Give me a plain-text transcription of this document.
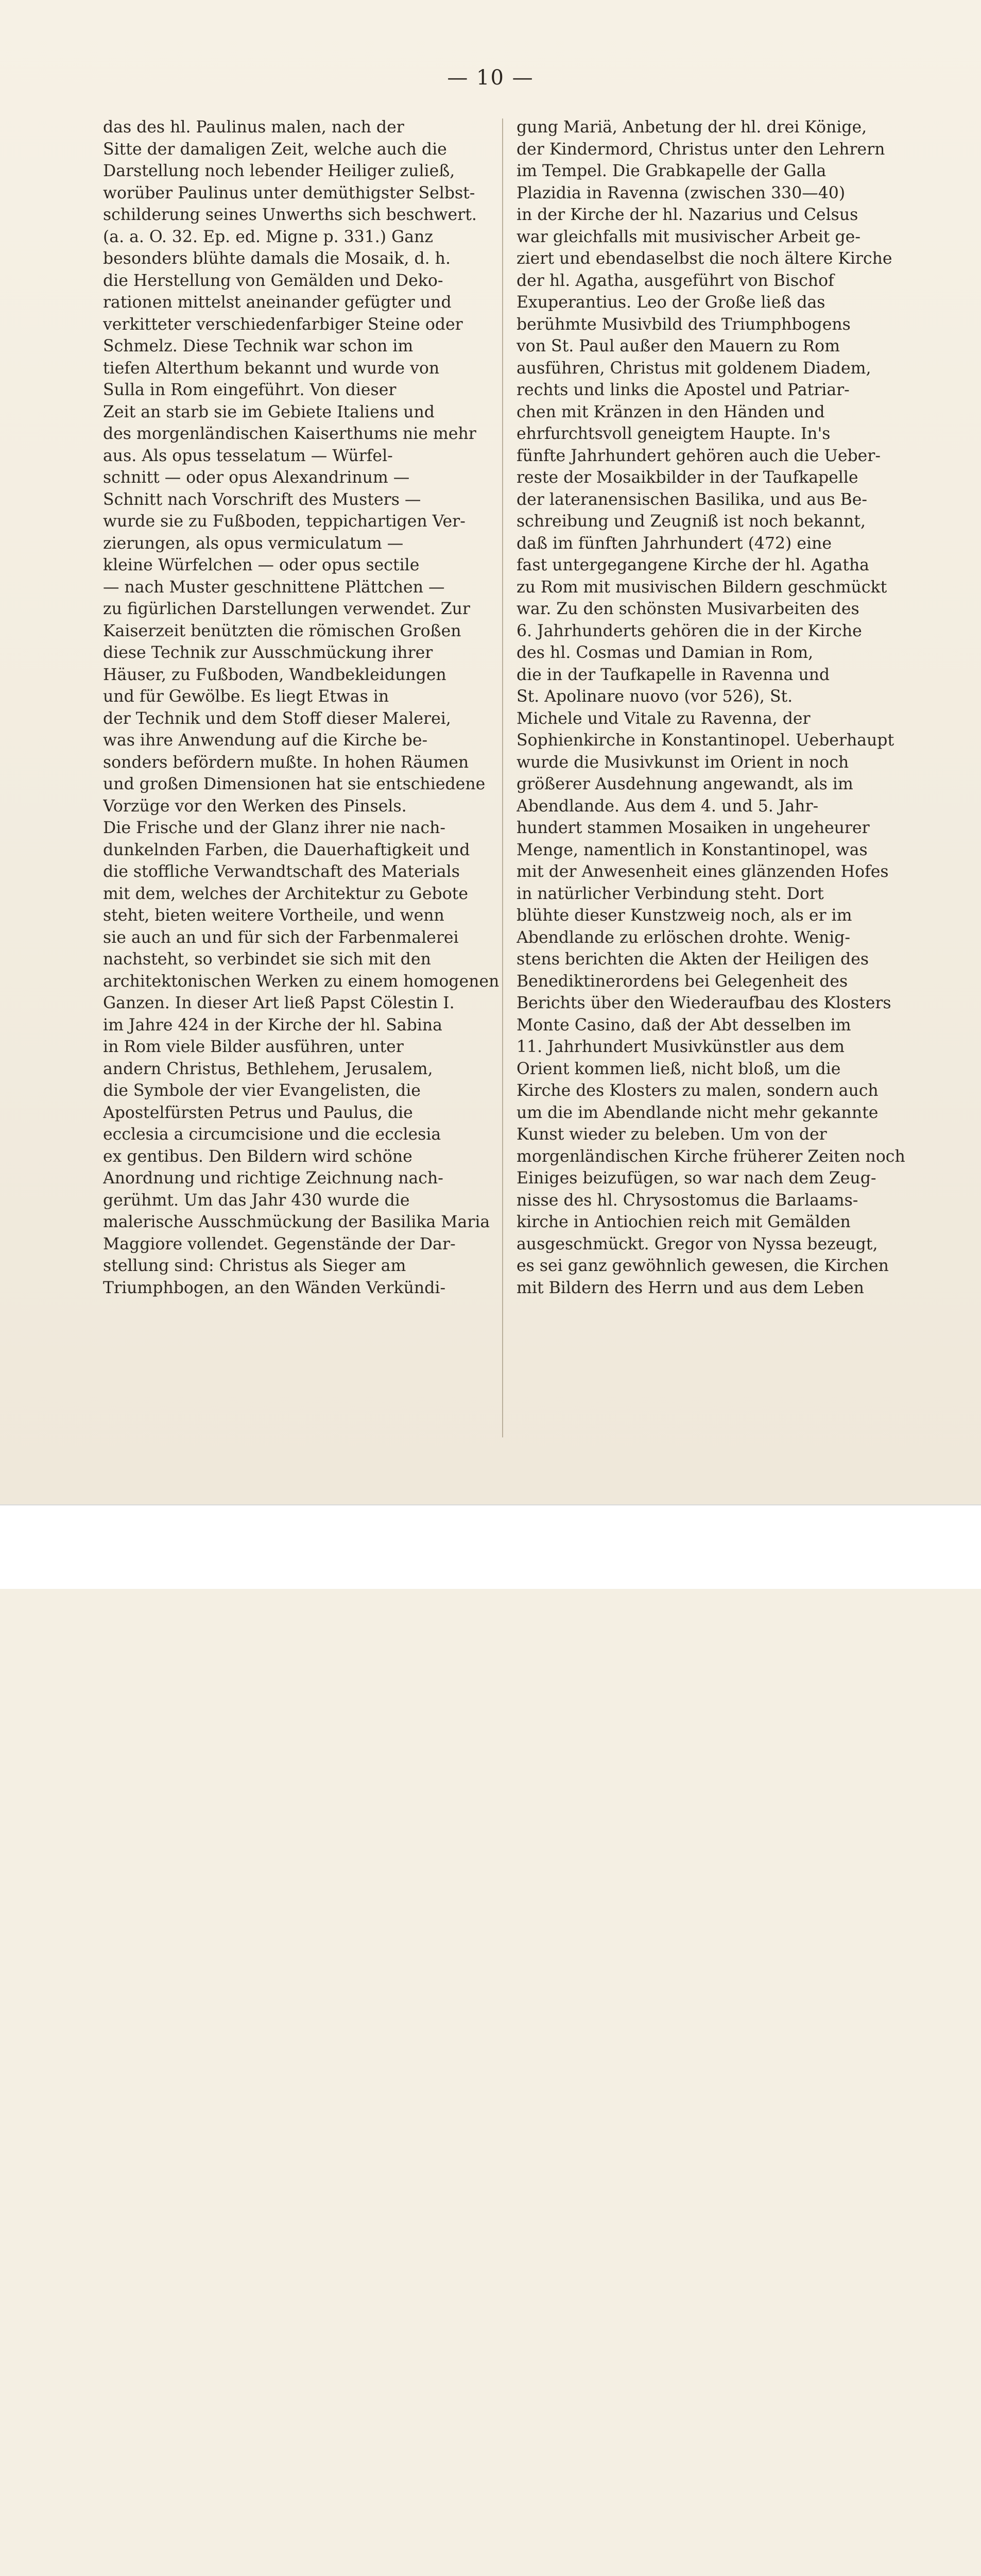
— 10 —
das des hl. Paulinus malen, nach der
Sitte der damaligen Zeit, welche auch die
Darstellung noch lebender Heiliger zuließ,
worüber Paulinus unter demüthigster Selbst-
schilderung seines Unwerths sich beschwert.
(a. a. O. 32. Ep. ed. Migne p. 331.) Ganz
besonders blühte damals die Mosaik, d. h.
die Herstellung von Gemälden und Deko-
rationen mittelst aneinander gefügter und
verkitteter verschiedenfarbiger Steine oder
Schmelz. Diese Technik war schon im
tiefen Alterthum bekannt und wurde von
Sulla in Rom eingeführt. Von dieser
Zeit an starb sie im Gebiete Italiens und
des morgenländischen Kaiserthums nie mehr
aus. Als opus tesselatum — Würfel-
schnitt — oder opus Alexandrinum —
Schnitt nach Vorschrift des Musters —
wurde sie zu Fußboden, teppichartigen Ver-
zierungen, als opus vermiculatum —
kleine Würfelchen — oder opus sectile
— nach Muster geschnittene Plättchen —
zu figürlichen Darstellungen verwendet. Zur
Kaiserzeit benützten die römischen Großen
diese Technik zur Ausschmückung ihrer
Häuser, zu Fußboden, Wandbekleidungen
und für Gewölbe. Es liegt Etwas in
der Technik und dem Stoff dieser Malerei,
was ihre Anwendung auf die Kirche be-
sonders befördern mußte. In hohen Räumen
und großen Dimensionen hat sie entschiedene
Vorzüge vor den Werken des Pinsels.
Die Frische und der Glanz ihrer nie nach-
dunkelnden Farben, die Dauerhaftigkeit und
die stoffliche Verwandtschaft des Materials
mit dem, welches der Architektur zu Gebote
steht, bieten weitere Vortheile, und wenn
sie auch an und für sich der Farbenmalerei
nachsteht, so verbindet sie sich mit den
architektonischen Werken zu einem homogenen
Ganzen. In dieser Art ließ Papst Cölestin I.
im Jahre 424 in der Kirche der hl. Sabina
in Rom viele Bilder ausführen, unter
andern Christus, Bethlehem, Jerusalem,
die Symbole der vier Evangelisten, die
Apostelfürsten Petrus und Paulus, die
ecclesia a circumcisione und die ecclesia
ex gentibus. Den Bildern wird schöne
Anordnung und richtige Zeichnung nach-
gerühmt. Um das Jahr 430 wurde die
malerische Ausschmückung der Basilika Maria
Maggiore vollendet. Gegenstände der Dar-
stellung sind: Christus als Sieger am
Triumphbogen, an den Wänden Verkündi-
gung Mariä, Anbetung der hl. drei Könige,
der Kindermord, Christus unter den Lehrern
im Tempel. Die Grabkapelle der Galla
Plazidia in Ravenna (zwischen 330—40)
in der Kirche der hl. Nazarius und Celsus
war gleichfalls mit musivischer Arbeit ge-
ziert und ebendaselbst die noch ältere Kirche
der hl. Agatha, ausgeführt von Bischof
Exuperantius. Leo der Große ließ das
berühmte Musivbild des Triumphbogens
von St. Paul außer den Mauern zu Rom
ausführen, Christus mit goldenem Diadem,
rechts und links die Apostel und Patriar-
chen mit Kränzen in den Händen und
ehrfurchtsvoll geneigtem Haupte. In's
fünfte Jahrhundert gehören auch die Ueber-
reste der Mosaikbilder in der Taufkapelle
der lateranensischen Basilika, und aus Be-
schreibung und Zeugniß ist noch bekannt,
daß im fünften Jahrhundert (472) eine
fast untergegangene Kirche der hl. Agatha
zu Rom mit musivischen Bildern geschmückt
war. Zu den schönsten Musivarbeiten des
6. Jahrhunderts gehören die in der Kirche
des hl. Cosmas und Damian in Rom,
die in der Taufkapelle in Ravenna und
St. Apolinare nuovo (vor 526), St.
Michele und Vitale zu Ravenna, der
Sophienkirche in Konstantinopel. Ueberhaupt
wurde die Musivkunst im Orient in noch
größerer Ausdehnung angewandt, als im
Abendlande. Aus dem 4. und 5. Jahr-
hundert stammen Mosaiken in ungeheurer
Menge, namentlich in Konstantinopel, was
mit der Anwesenheit eines glänzenden Hofes
in natürlicher Verbindung steht. Dort
blühte dieser Kunstzweig noch, als er im
Abendlande zu erlöschen drohte. Wenig-
stens berichten die Akten der Heiligen des
Benediktinerordens bei Gelegenheit des
Berichts über den Wiederaufbau des Klosters
Monte Casino, daß der Abt desselben im
11. Jahrhundert Musivkünstler aus dem
Orient kommen ließ, nicht bloß, um die
Kirche des Klosters zu malen, sondern auch
um die im Abendlande nicht mehr gekannte
Kunst wieder zu beleben. Um von der
morgenländischen Kirche früherer Zeiten noch
Einiges beizufügen, so war nach dem Zeug-
nisse des hl. Chrysostomus die Barlaams-
kirche in Antiochien reich mit Gemälden
ausgeschmückt. Gregor von Nyssa bezeugt,
es sei ganz gewöhnlich gewesen, die Kirchen
mit Bildern des Herrn und aus dem Leben
